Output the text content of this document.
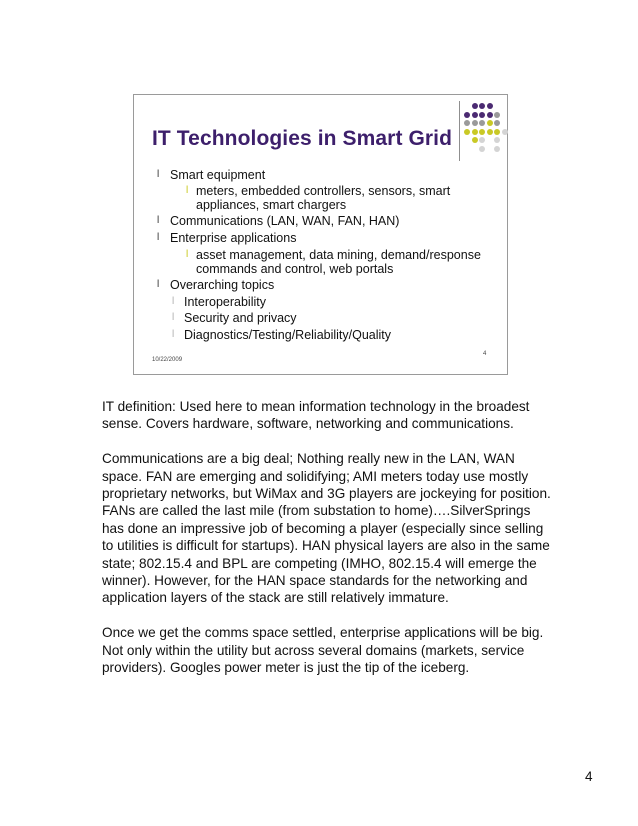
IT Technologies in Smart Grid
l Smart equipment
l meters, embedded controllers, sensors, smart
appliances, smart chargers
l Communications (LAN, WAN, FAN, HAN)
l Enterprise applications
l asset management, data mining, demand/response
commands and control, web portals
l Overarching topics
l Interoperability
l Security and privacy
l Diagnostics/Testing/Reliability/Quality
4
10/22/2009

IT definition: Used here to mean information technology in the broadest sense. Covers hardware, software, networking and communications.

Communications are a big deal; Nothing really new in the LAN, WAN space. FAN are emerging and solidifying; AMI meters today use mostly proprietary networks, but WiMax and 3G players are jockeying for position. FANs are called the last mile (from substation to home)….SilverSprings has done an impressive job of becoming a player (especially since selling to utilities is difficult for startups). HAN physical layers are also in the same state; 802.15.4 and BPL are competing (IMHO, 802.15.4 will emerge the winner). However, for the HAN space standards for the networking and application layers of the stack are still relatively immature.

Once we get the comms space settled, enterprise applications will be big. Not only within the utility but across several domains (markets, service providers). Googles power meter is just the tip of the iceberg.

4
